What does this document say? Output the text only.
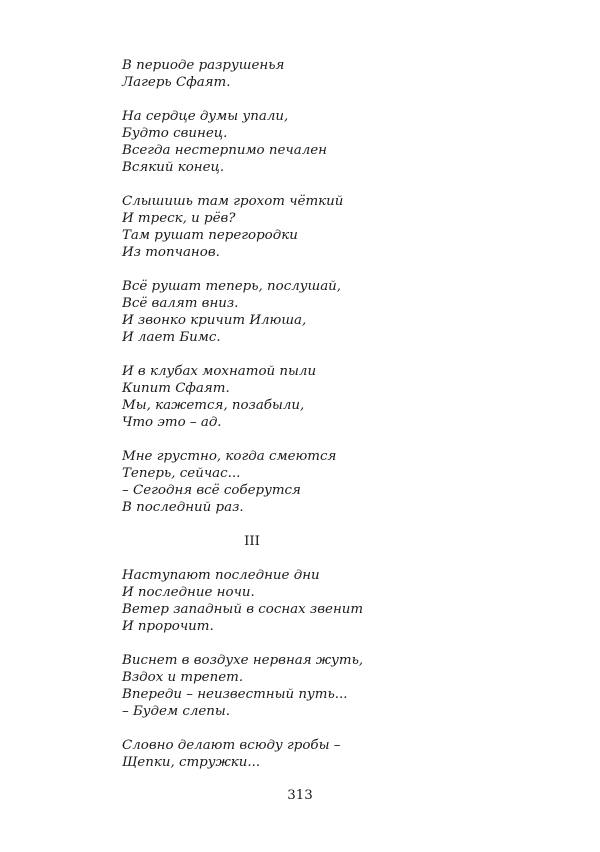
В периоде разрушенья
Лагерь Сфаят.
На сердце думы упали,
Будто свинец.
Всегда нестерпимо печален
Всякий конец.
Слышишь там грохот чёткий
И треск, и рёв?
Там рушат перегородки
Из топчанов.
Всё рушат теперь, послушай,
Всё валят вниз.
И звонко кричит Илюша,
И лает Бимс.
И в клубах мохнатой пыли
Кипит Сфаят.
Мы, кажется, позабыли,
Что это – ад.
Мне грустно, когда смеются
Теперь, сейчас...
– Сегодня всё соберутся
В последний раз.
III
Наступают последние дни
И последние ночи.
Ветер западный в соснах звенит
И пророчит.
Виснет в воздухе нервная жуть,
Вздох и трепет.
Впереди – неизвестный путь...
– Будем слепы.
Словно делают всюду гробы –
Щепки, стружки...
313
